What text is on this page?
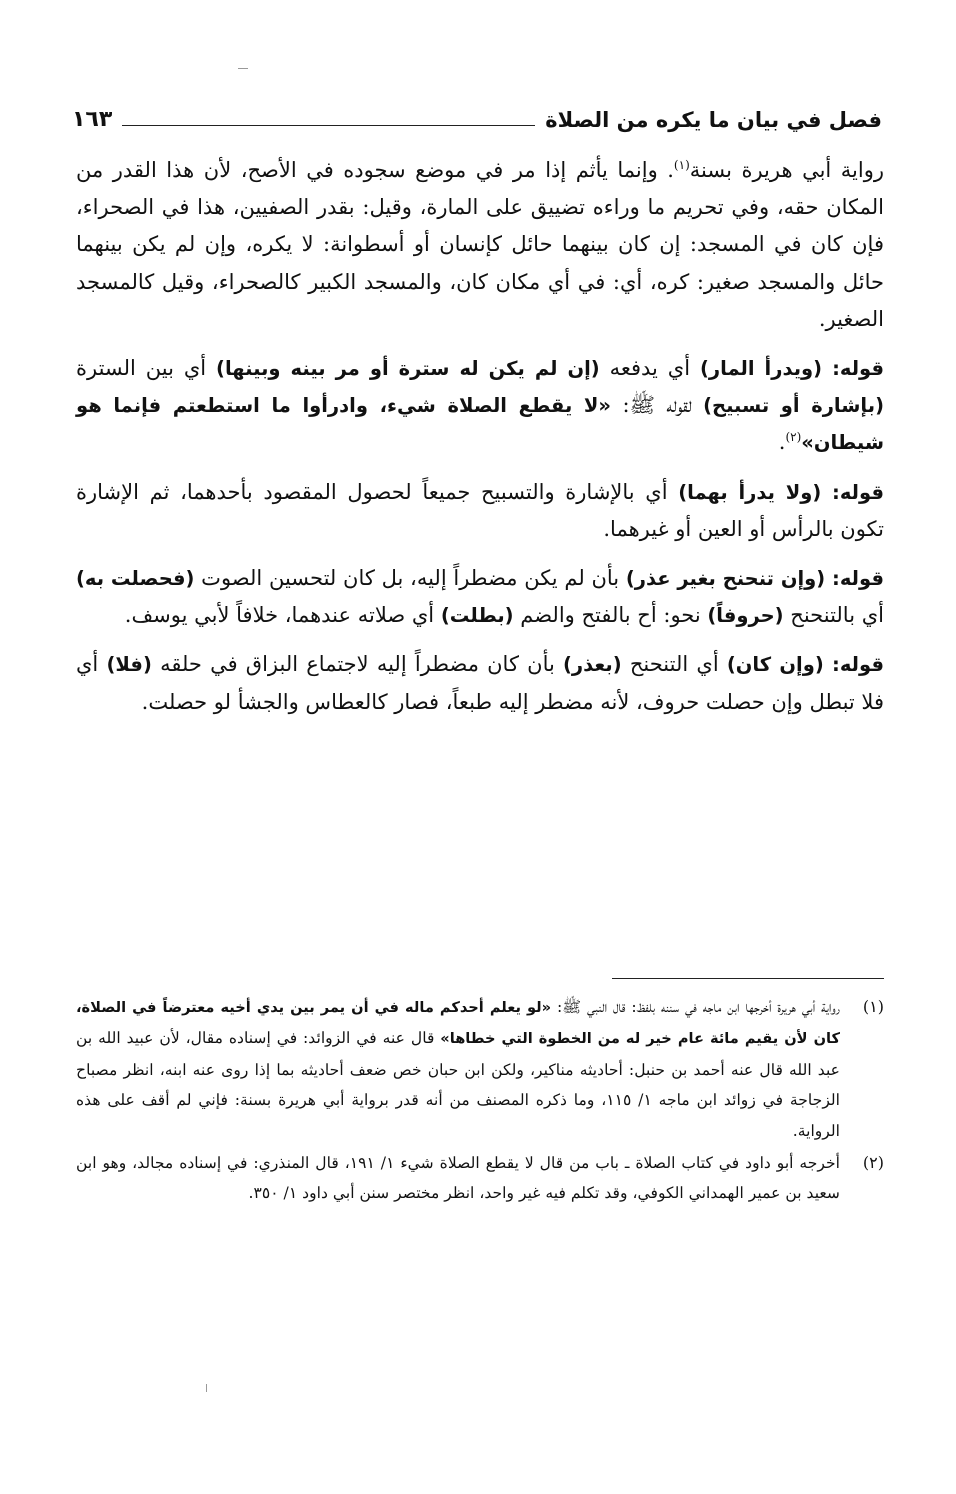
فصل في بيان ما يكره من الصلاة
١٦٣

رواية أبي هريرة بسنة$^{(١)}$. وإنما يأثم إذا مر في موضع سجوده في الأصح، لأن هذا القدر من المكان حقه، وفي تحريم ما وراءه تضييق على المارة، وقيل: بقدر الصفيين، هذا في الصحراء، فإن كان في المسجد: إن كان بينهما حائل كإنسان أو أسطوانة: لا يكره، وإن لم يكن بينهما حائل والمسجد صغير: كره، أي: في أي مكان كان، والمسجد الكبير كالصحراء، وقيل كالمسجد الصغير.

قوله: (ويدرأ المار) أي يدفعه (إن لم يكن له سترة أو مر بينه وبينها) أي بين السترة (بإشارة أو تسبيح) لقوله ﷺ: «لا يقطع الصلاة شيء، وادرأوا ما استطعتم فإنما هو شيطان»$^{(٢)}$.

قوله: (ولا يدرأ بهما) أي بالإشارة والتسبيح جميعاً لحصول المقصود بأحدهما، ثم الإشارة تكون بالرأس أو العين أو غيرهما.

قوله: (وإن تنحنح بغير عذر) بأن لم يكن مضطراً إليه، بل كان لتحسين الصوت (فحصلت به) أي بالتنحنح (حروفاً) نحو: أح بالفتح والضم (بطلت) أي صلاته عندهما، خلافاً لأبي يوسف.

قوله: (وإن كان) أي التنحنح (بعذر) بأن كان مضطراً إليه لاجتماع البزاق في حلقه (فلا) أي فلا تبطل وإن حصلت حروف، لأنه مضطر إليه طبعاً، فصار كالعطاس والجشأ لو حصلت.

(١)
رواية أبي هريرة أخرجها ابن ماجه في سننه بلفظ: قال النبي ﷺ: «لو يعلم أحدكم ماله في أن يمر بين يدي أخيه معترضاً في الصلاة، كان لأن يقيم مائة عام خير له من الخطوة التي خطاها» قال عنه في الزوائد: في إسناده مقال، لأن عبيد الله بن عبد الله قال عنه أحمد بن حنبل: أحاديثه مناكير، ولكن ابن حبان خص ضعف أحاديثه بما إذا روى عنه ابنه، انظر مصباح الزجاجة في زوائد ابن ماجه ١/ ١١٥، وما ذكره المصنف من أنه قدر برواية أبي هريرة بسنة: فإني لم أقف على هذه الرواية.
(٢)
أخرجه أبو داود في كتاب الصلاة ـ باب من قال لا يقطع الصلاة شيء ١/ ١٩١، قال المنذري: في إسناده مجالد، وهو ابن سعيد بن عمير الهمداني الكوفي، وقد تكلم فيه غير واحد، انظر مختصر سنن أبي داود ١/ ٣٥٠.
